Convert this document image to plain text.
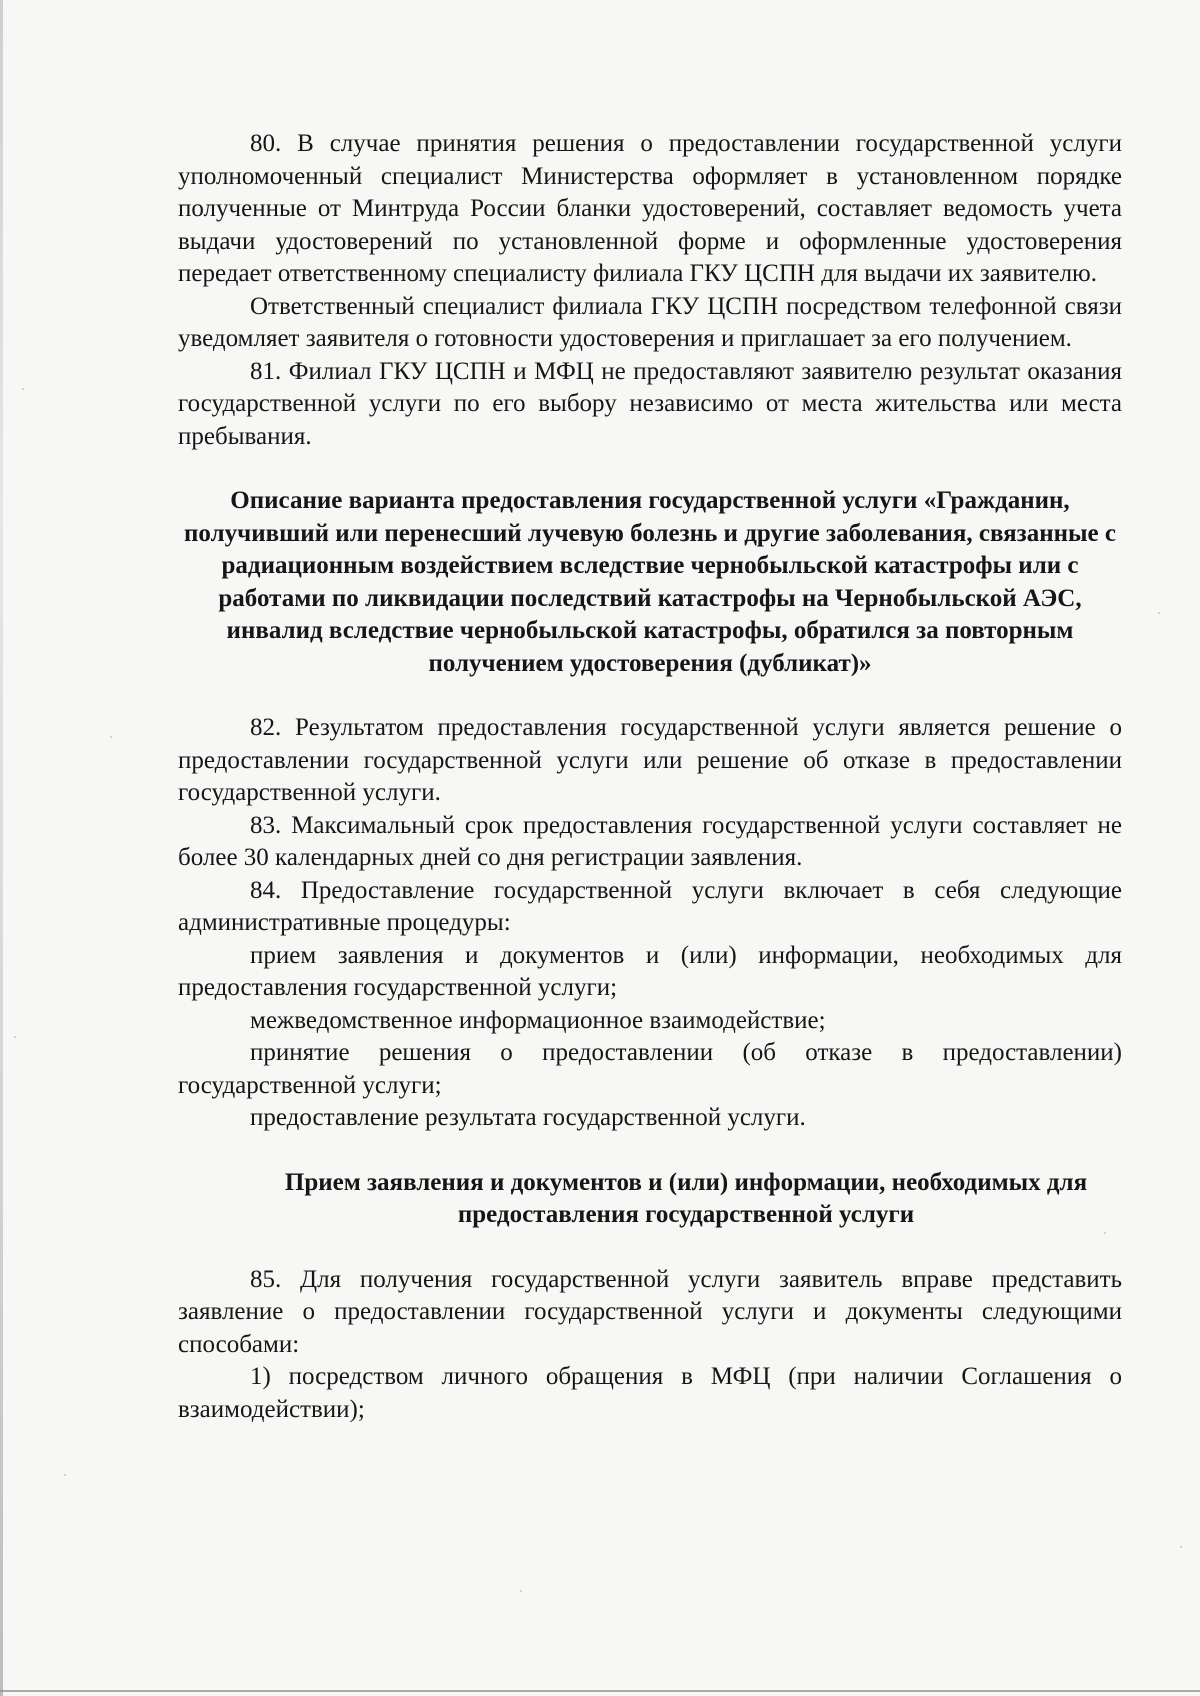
80. В случае принятия решения о предоставлении государственной услуги уполномоченный специалист Министерства оформляет в установленном порядке полученные от Минтруда России бланки удостоверений, составляет ведомость учета выдачи удостоверений по установленной форме и оформленные удостоверения передает ответственному специалисту филиала ГКУ ЦСПН для выдачи их заявителю.

Ответственный специалист филиала ГКУ ЦСПН посредством телефонной связи уведомляет заявителя о готовности удостоверения и приглашает за его получением.

81. Филиал ГКУ ЦСПН и МФЦ не предоставляют заявителю результат оказания государственной услуги по его выбору независимо от места жительства или места пребывания.

Описание варианта предоставления государственной услуги «Гражданин, получивший или перенесший лучевую болезнь и другие заболевания, связанные с радиационным воздействием вследствие чернобыльской катастрофы или с работами по ликвидации последствий катастрофы на Чернобыльской АЭС, инвалид вследствие чернобыльской катастрофы, обратился за повторным получением удостоверения (дубликат)»

82. Результатом предоставления государственной услуги является решение о предоставлении государственной услуги или решение об отказе в предоставлении государственной услуги.

83. Максимальный срок предоставления государственной услуги составляет не более 30 календарных дней со дня регистрации заявления.

84. Предоставление государственной услуги включает в себя следующие административные процедуры:

прием заявления и документов и (или) информации, необходимых для предоставления государственной услуги;

межведомственное информационное взаимодействие;

принятие решения о предоставлении (об отказе в предоставлении) государственной услуги;

предоставление результата государственной услуги.

Прием заявления и документов и (или) информации, необходимых для предоставления государственной услуги

85. Для получения государственной услуги заявитель вправе представить заявление о предоставлении государственной услуги и документы следующими способами:

1) посредством личного обращения в МФЦ (при наличии Соглашения о взаимодействии);
